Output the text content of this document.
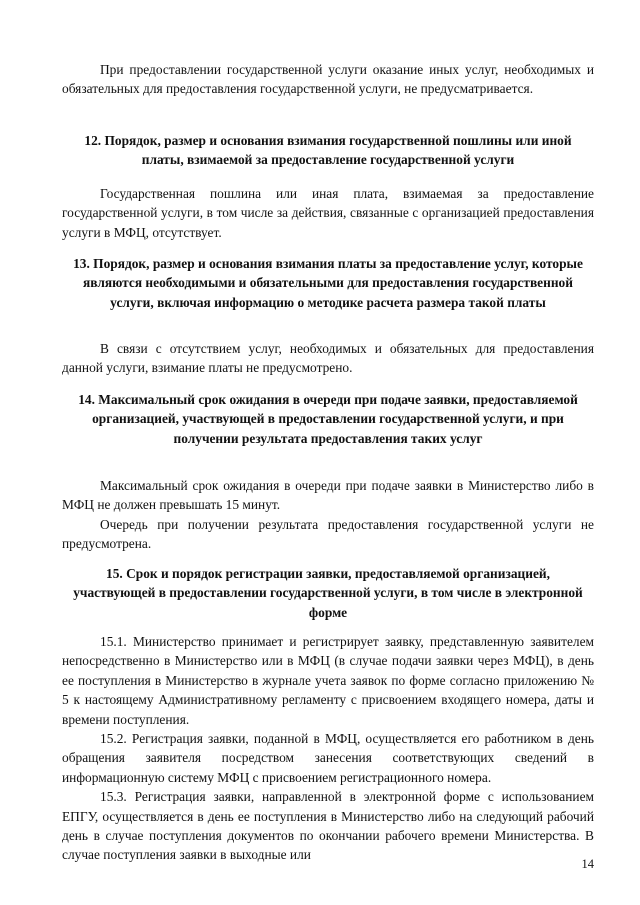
При предоставлении государственной услуги оказание иных услуг, необходимых и обязательных для предоставления государственной услуги, не предусматривается.

12. Порядок, размер и основания взимания государственной пошлины или иной платы, взимаемой за предоставление государственной услуги

Государственная пошлина или иная плата, взимаемая за предоставление государственной услуги, в том числе за действия, связанные с организацией предоставления услуги в МФЦ, отсутствует.

13. Порядок, размер и основания взимания платы за предоставление услуг, которые являются необходимыми и обязательными для предоставления государственной услуги, включая информацию о методике расчета размера такой платы

В связи с отсутствием услуг, необходимых и обязательных для предоставления данной услуги, взимание платы не предусмотрено.

14. Максимальный срок ожидания в очереди при подаче заявки, предоставляемой организацией, участвующей в предоставлении государственной услуги, и при получении результата предоставления таких услуг

Максимальный срок ожидания в очереди при подаче заявки в Министерство либо в МФЦ не должен превышать 15 минут.

Очередь при получении результата предоставления государственной услуги не предусмотрена.

15. Срок и порядок регистрации заявки, предоставляемой организацией, участвующей в предоставлении государственной услуги, в том числе в электронной форме

15.1. Министерство принимает и регистрирует заявку, представленную заявителем непосредственно в Министерство или в МФЦ (в случае подачи заявки через МФЦ), в день ее поступления в Министерство в журнале учета заявок по форме согласно приложению № 5 к настоящему Административному регламенту с присвоением входящего номера, даты и времени поступления.

15.2. Регистрация заявки, поданной в МФЦ, осуществляется его работником в день обращения заявителя посредством занесения соответствующих сведений в информационную систему МФЦ с присвоением регистрационного номера.

15.3. Регистрация заявки, направленной в электронной форме с использованием ЕПГУ, осуществляется в день ее поступления в Министерство либо на следующий рабочий день в случае поступления документов по окончании рабочего времени Министерства. В случае поступления заявки в выходные или

14
